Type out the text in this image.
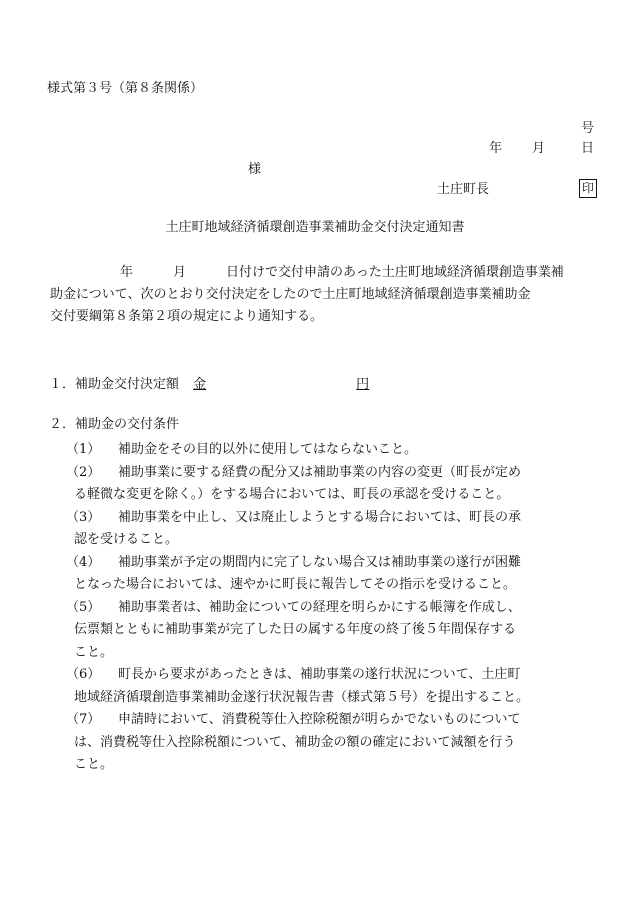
様式第３号（第８条関係）
号
年 月	日
様
土庄町長	印
土庄町地域経済循環創造事業補助金交付決定通知書
年	月	日付けで交付申請のあった土庄町地域経済循環創造事業補
助金について、次のとおり交付決定をしたので土庄町地域経済循環創造事業補助金
交付要綱第８条第２項の規定により通知する。
１．補助金交付決定額 金	円
２．補助金の交付条件
（1） 補助金をその目的以外に使用してはならないこと。
（2） 補助事業に要する経費の配分又は補助事業の内容の変更（町長が定め
る軽微な変更を除く。）をする場合においては、町長の承認を受けること。
（3） 補助事業を中止し、又は廃止しようとする場合においては、町長の承
認を受けること。
（4） 補助事業が予定の期間内に完了しない場合又は補助事業の遂行が困難
となった場合においては、速やかに町長に報告してその指示を受けること。
（5） 補助事業者は、補助金についての経理を明らかにする帳簿を作成し、
伝票類とともに補助事業が完了した日の属する年度の終了後５年間保存する
こと。
（6） 町長から要求があったときは、補助事業の遂行状況について、土庄町
地域経済循環創造事業補助金遂行状況報告書（様式第５号）を提出すること。
（7） 申請時において、消費税等仕入控除税額が明らかでないものについて
は、消費税等仕入控除税額について、補助金の額の確定において減額を行う
こと。
